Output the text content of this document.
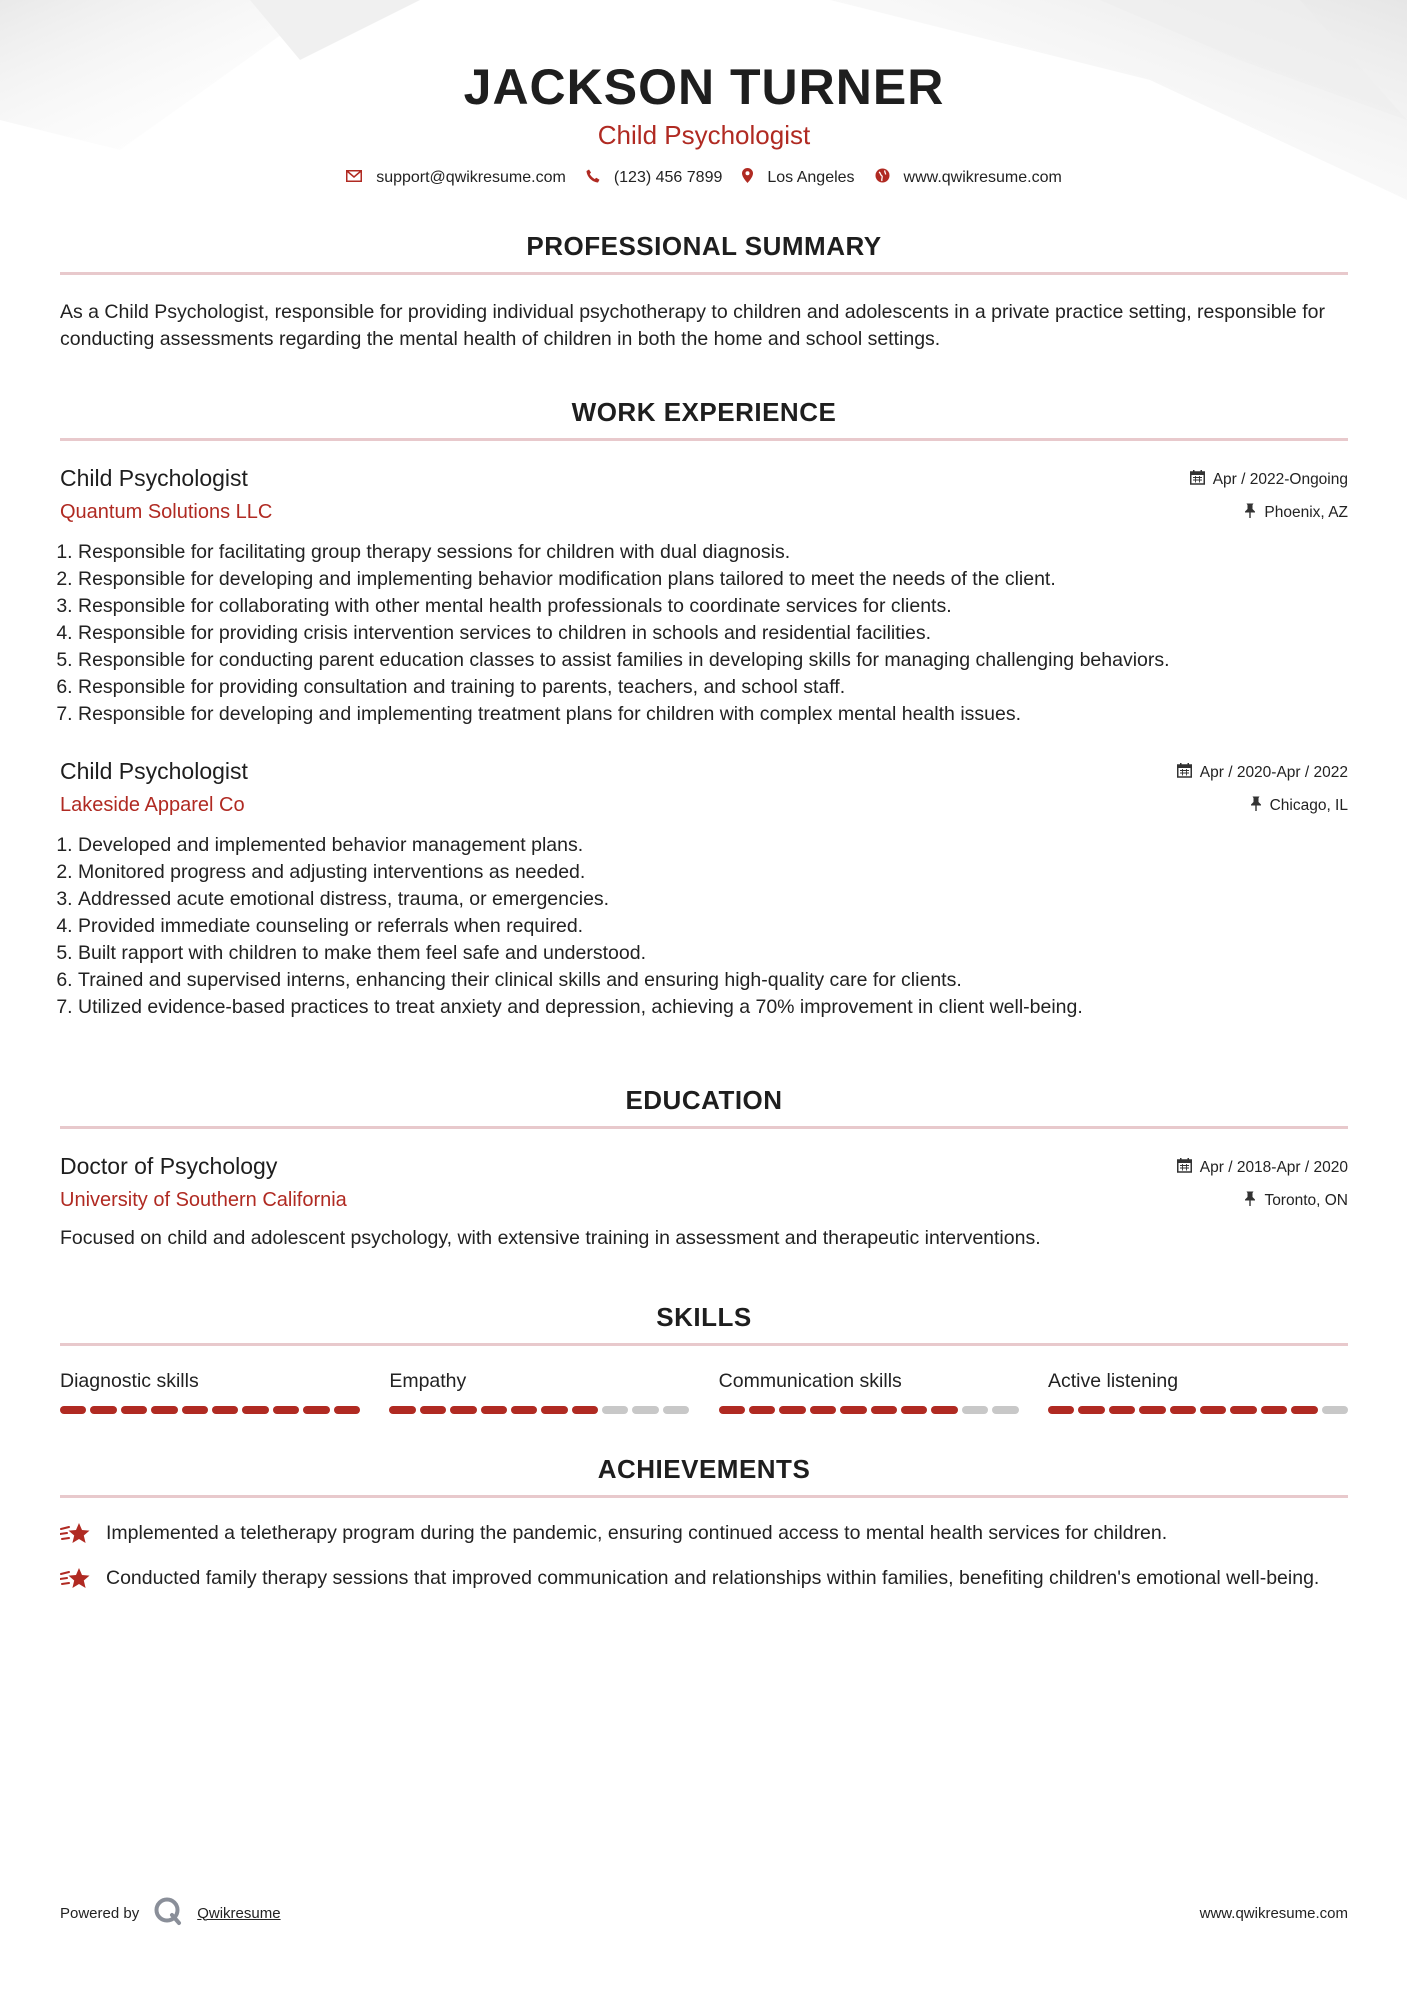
JACKSON TURNER
Child Psychologist
support@qwikresume.com	(123) 456 7899	Los Angeles	www.qwikresume.com
PROFESSIONAL SUMMARY
As a Child Psychologist, responsible for providing individual psychotherapy to children and adolescents in a private practice setting, responsible for conducting assessments regarding the mental health of children in both the home and school settings.
WORK EXPERIENCE
Child Psychologist
Quantum Solutions LLC
Apr / 2022-Ongoing
Phoenix, AZ
1. Responsible for facilitating group therapy sessions for children with dual diagnosis.
2. Responsible for developing and implementing behavior modification plans tailored to meet the needs of the client.
3. Responsible for collaborating with other mental health professionals to coordinate services for clients.
4. Responsible for providing crisis intervention services to children in schools and residential facilities.
5. Responsible for conducting parent education classes to assist families in developing skills for managing challenging behaviors.
6. Responsible for providing consultation and training to parents, teachers, and school staff.
7. Responsible for developing and implementing treatment plans for children with complex mental health issues.
Child Psychologist
Lakeside Apparel Co
Apr / 2020-Apr / 2022
Chicago, IL
1. Developed and implemented behavior management plans.
2. Monitored progress and adjusting interventions as needed.
3. Addressed acute emotional distress, trauma, or emergencies.
4. Provided immediate counseling or referrals when required.
5. Built rapport with children to make them feel safe and understood.
6. Trained and supervised interns, enhancing their clinical skills and ensuring high-quality care for clients.
7. Utilized evidence-based practices to treat anxiety and depression, achieving a 70% improvement in client well-being.
EDUCATION
Doctor of Psychology
University of Southern California
Apr / 2018-Apr / 2020
Toronto, ON
Focused on child and adolescent psychology, with extensive training in assessment and therapeutic interventions.
SKILLS
Diagnostic skills	Empathy	Communication skills	Active listening
ACHIEVEMENTS
Implemented a teletherapy program during the pandemic, ensuring continued access to mental health services for children.
Conducted family therapy sessions that improved communication and relationships within families, benefiting children's emotional well-being.
Powered by	Qwikresume	www.qwikresume.com
